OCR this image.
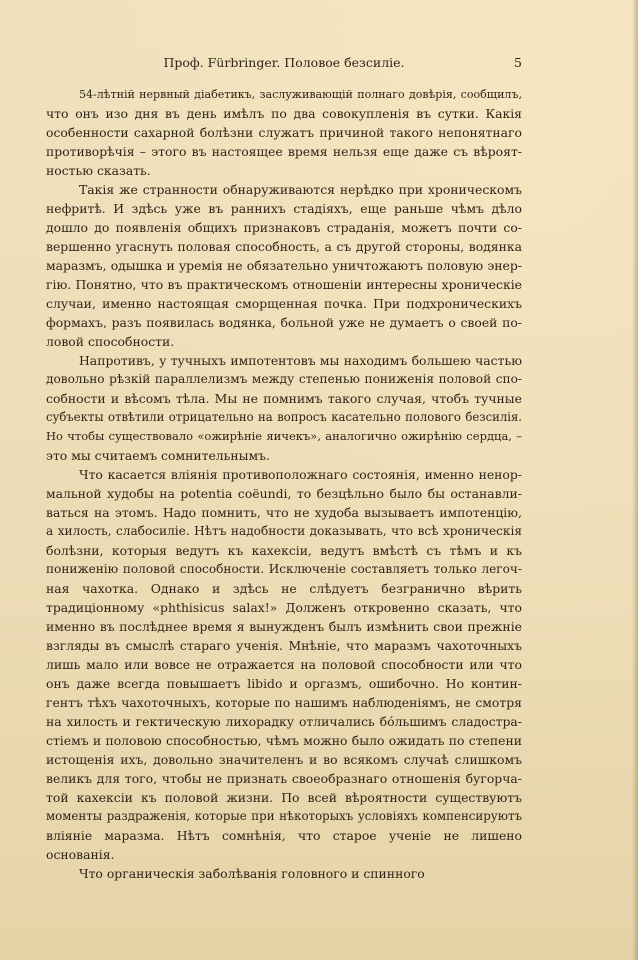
Проф. Fürbringer. Половое безсиліе.	5

54-лѣтній нервный діабетикъ, заслуживающій полнаго довѣрія, сообщилъ,
что онъ изо дня въ день имѣлъ по два совокупленія въ сутки. Какія
особенности сахарной болѣзни служатъ причиной такого непонятнаго
противорѣчія – этого въ настоящее время нельзя еще даже съ вѣроят-
ностью сказать.

Такія же странности обнаруживаются нерѣдко при хроническомъ
нефритѣ. И здѣсь уже въ раннихъ стадіяхъ, еще раньше чѣмъ дѣло
дошло до появленія общихъ признаковъ страданія, можетъ почти со-
вершенно угаснуть половая способность, а съ другой стороны, водянка
маразмъ, одышка и уремія не обязательно уничтожаютъ половую энер-
гію. Понятно, что въ практическомъ отношеніи интересны хроническіе
случаи, именно настоящая сморщенная почка. При подхроническихъ
формахъ, разъ появилась водянка, больной уже не думаетъ о своей по-
ловой способности.

Напротивъ, у тучныхъ импотентовъ мы находимъ большею частью
довольно рѣзкій параллелизмъ между степенью пониженія половой спо-
собности и вѣсомъ тѣла. Мы не помнимъ такого случая, чтобъ тучные
субъекты отвѣтили отрицательно на вопросъ касательно полового безсилія.
Но чтобы существовало «ожирѣніе яичекъ», аналогично ожирѣнію сердца, –
это мы считаемъ сомнительнымъ.

Что касается вліянія противоположнаго состоянія, именно ненор-
мальной худобы на potentia coëundi, то безцѣльно было бы останавли-
ваться на этомъ. Надо помнить, что не худоба вызываетъ импотенцію,
а хилость, слабосиліе. Нѣтъ надобности доказывать, что всѣ хроническія
болѣзни, которыя ведутъ къ кахексіи, ведутъ вмѣстѣ съ тѣмъ и къ
пониженію половой способности. Исключеніе составляетъ только легоч-
ная чахотка. Однако и здѣсь не слѣдуетъ безгранично вѣрить
традиціонному «phthisicus salax!» Долженъ откровенно сказать, что
именно въ послѣднее время я вынужденъ былъ измѣнить свои прежніе
взгляды въ смыслѣ стараго ученія. Мнѣніе, что маразмъ чахоточныхъ
лишь мало или вовсе не отражается на половой способности или что
онъ даже всегда повышаетъ libido и оргазмъ, ошибочно. Но контин-
гентъ тѣхъ чахоточныхъ, которые по нашимъ наблюденіямъ, не смотря
на хилость и гектическую лихорадку отличались бóльшимъ сладостра-
стіемъ и половою способностью, чѣмъ можно было ожидать по степени
истощенія ихъ, довольно значителенъ и во всякомъ случаѣ слишкомъ
великъ для того, чтобы не признать своеобразнаго отношенія бугорча-
той кахексіи къ половой жизни. По всей вѣроятности существуютъ
моменты раздраженія, которые при нѣкоторыхъ условіяхъ компенсируютъ
вліяніе маразма. Нѣтъ сомнѣнія, что старое ученіе не лишено
основанія.

Что органическія заболѣванія головного и спинного
